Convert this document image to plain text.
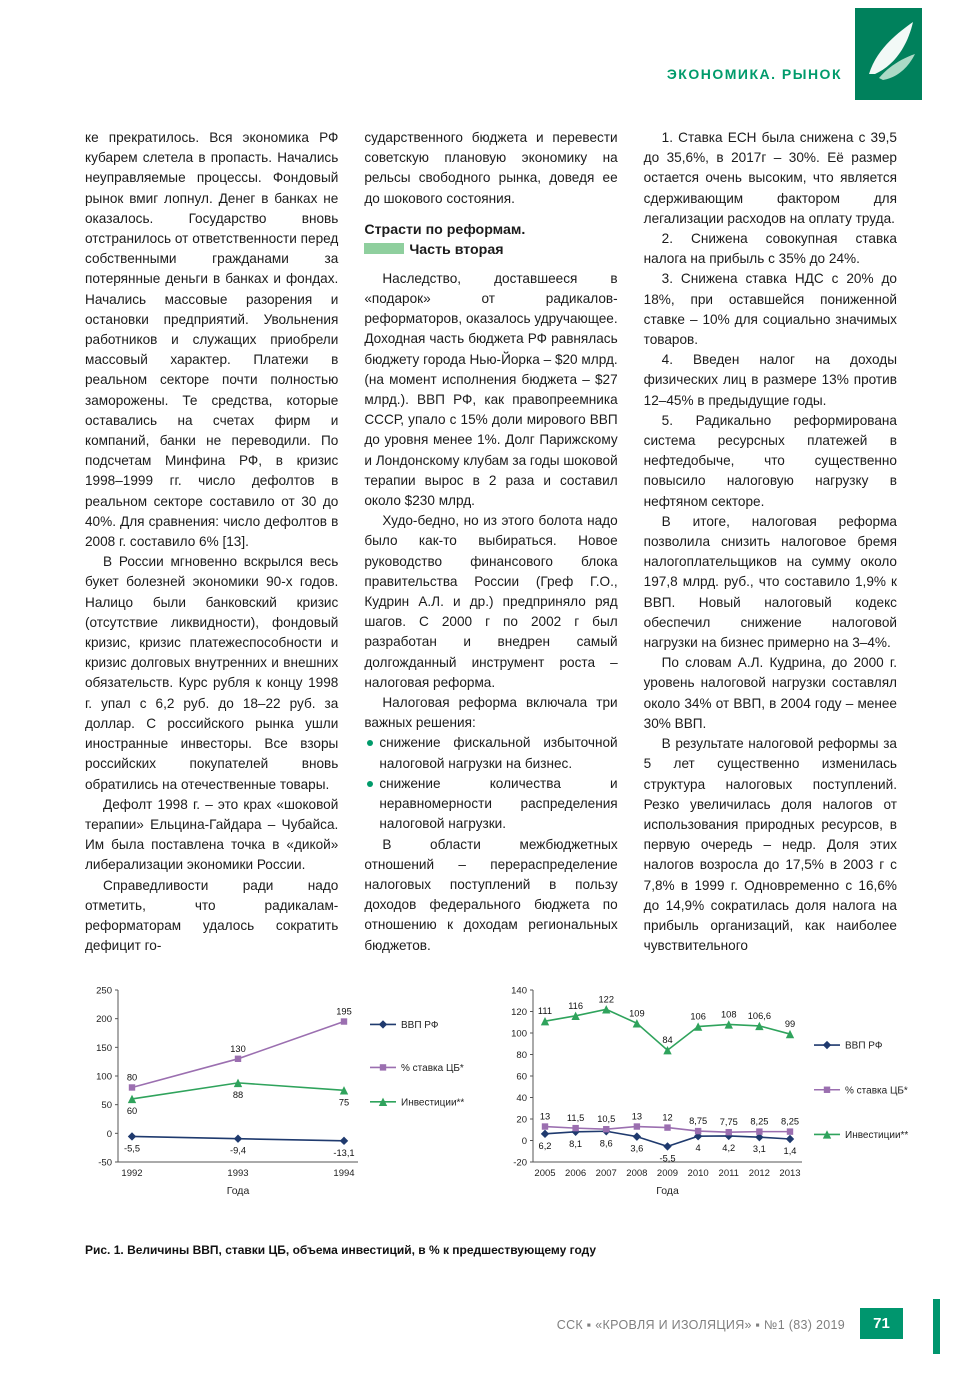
ЭКОНОМИКА. РЫНОК

ке прекратилось. Вся экономика РФ кубарем слетела в пропасть. Начались неуправляемые процессы. Фондовый рынок вмиг лопнул. Денег в банках не оказалось. Государство вновь отстранилось от ответственности перед собственными гражданами за потерянные деньги в банках и фондах. Начались массовые разорения и остановки предприятий. Увольнения работников и служащих приобрели массовый характер. Платежи в реальном секторе почти полностью заморожены. Те средства, которые оставались на счетах фирм и компаний, банки не переводили. По подсчетам Минфина РФ, в кризис 1998–1999 гг. число дефолтов в реальном секторе составило от 30 до 40%. Для сравнения: число дефолтов в 2008 г. составило 6% [13].

В России мгновенно вскрылся весь букет болезней экономики 90-х годов. Налицо были банковский кризис (отсутствие ликвидности), фондовый кризис, кризис платежеспособности и кризис долговых внутренних и внешних обязательств. Курс рубля к концу 1998 г. упал с 6,2 руб. до 18–22 руб. за доллар. С российского рынка ушли иностранные инвесторы. Все взоры российских покупателей вновь обратились на отечественные товары.

Дефолт 1998 г. – это крах «шоковой терапии» Ельцина-Гайдара – Чубайса. Им была поставлена точка в «дикой» либерализации экономики России.

Справедливости ради надо отметить, что радикалам-реформаторам удалось сократить дефицит го-

сударственного бюджета и перевести советскую плановую экономику на рельсы свободного рынка, доведя ее до шокового состояния.

Страсти по реформам.
Часть вторая

Наследство, доставшееся в «подарок» от радикалов-реформаторов, оказалось удручающее. Доходная часть бюджета РФ равнялась бюджету города Нью-Йорка – $20 млрд. (на момент исполнения бюджета – $27 млрд.). ВВП РФ, как правопреемника СССР, упало с 15% доли мирового ВВП до уровня менее 1%. Долг Парижскому и Лондонскому клубам за годы шоковой терапии вырос в 2 раза и составил около $230 млрд.

Худо-бедно, но из этого болота надо было как-то выбираться. Новое руководство финансового блока правительства России (Греф Г.О., Кудрин А.Л. и др.) предприняло ряд шагов. С 2000 г по 2002 г был разработан и внедрен самый долгожданный инструмент роста – налоговая реформа.

Налоговая реформа включала три важных решения:

снижение фискальной избыточной налоговой нагрузки на бизнес.
снижение количества и неравномерности распределения налоговой нагрузки.

В области межбюджетных отношений – перераспределение налоговых поступлений в пользу доходов федерального бюджета по отношению к доходам региональных бюджетов.

1. Ставка ЕСН была снижена с 39,5 до 35,6%, в 2017г – 30%. Её размер остается очень высоким, что является сдерживающим фактором для легализации расходов на оплату труда.

2. Снижена совокупная ставка налога на прибыль с 35% до 24%.

3. Снижена ставка НДС с 20% до 18%, при оставшейся пониженной ставке – 10% для социально значимых товаров.

4. Введен налог на доходы физических лиц в размере 13% против 12–45% в предыдущие годы.

5. Радикально реформирована система ресурсных платежей в нефтедобыче, что существенно повысило налоговую нагрузку в нефтяном секторе.

В итоге, налоговая реформа позволила снизить налоговое бремя налогоплательщиков на сумму около 197,8 млрд. руб., что составило 1,9% к ВВП. Новый налоговый кодекс обеспечил снижение налоговой нагрузки на бизнес примерно на 3–4%.

По словам А.Л. Кудрина, до 2000 г. уровень налоговой нагрузки составлял около 34% от ВВП, в 2004 году – менее 30% ВВП.

В результате налоговой реформы за 5 лет существенно изменилась структура налоговых поступлений. Резко увеличилась доля налогов от использования природных ресурсов, в первую очередь – недр. Доля этих налогов возросла до 17,5% в 2003 г с 7,8% в 1999 г. Одновременно с 16,6% до 14,9% сократилась доля налога на прибыль организаций, как наиболее чувствительного

-50
0
50
100
150
200
250
1992	1993	1994
Года
-5,5	-9,4	-13,1
80
130
195
60
88
75
ВВП РФ
% ставка ЦБ*
Инвестиции**
-20
0
20
40
60
80
100
120
140
2005 2006 2007 2008 2009 2010 2011 2012 2013
Года
6,2 8,1 8,6
3,6
-5,5
4 4,2 3,1 1,4
13 11,5 10,5 13 12 8,75 7,75 8,25 8,25
111
116
122
109
84
106 108 106,6
99
ВВП РФ
% ставка ЦБ*
Инвестиции**
Рис. 1. Величины ВВП, ставки ЦБ, объема инвестиций, в % к предшествующему году
ССК ▪ «КРОВЛЯ И ИЗОЛЯЦИЯ» ▪ №1 (83) 2019	71
